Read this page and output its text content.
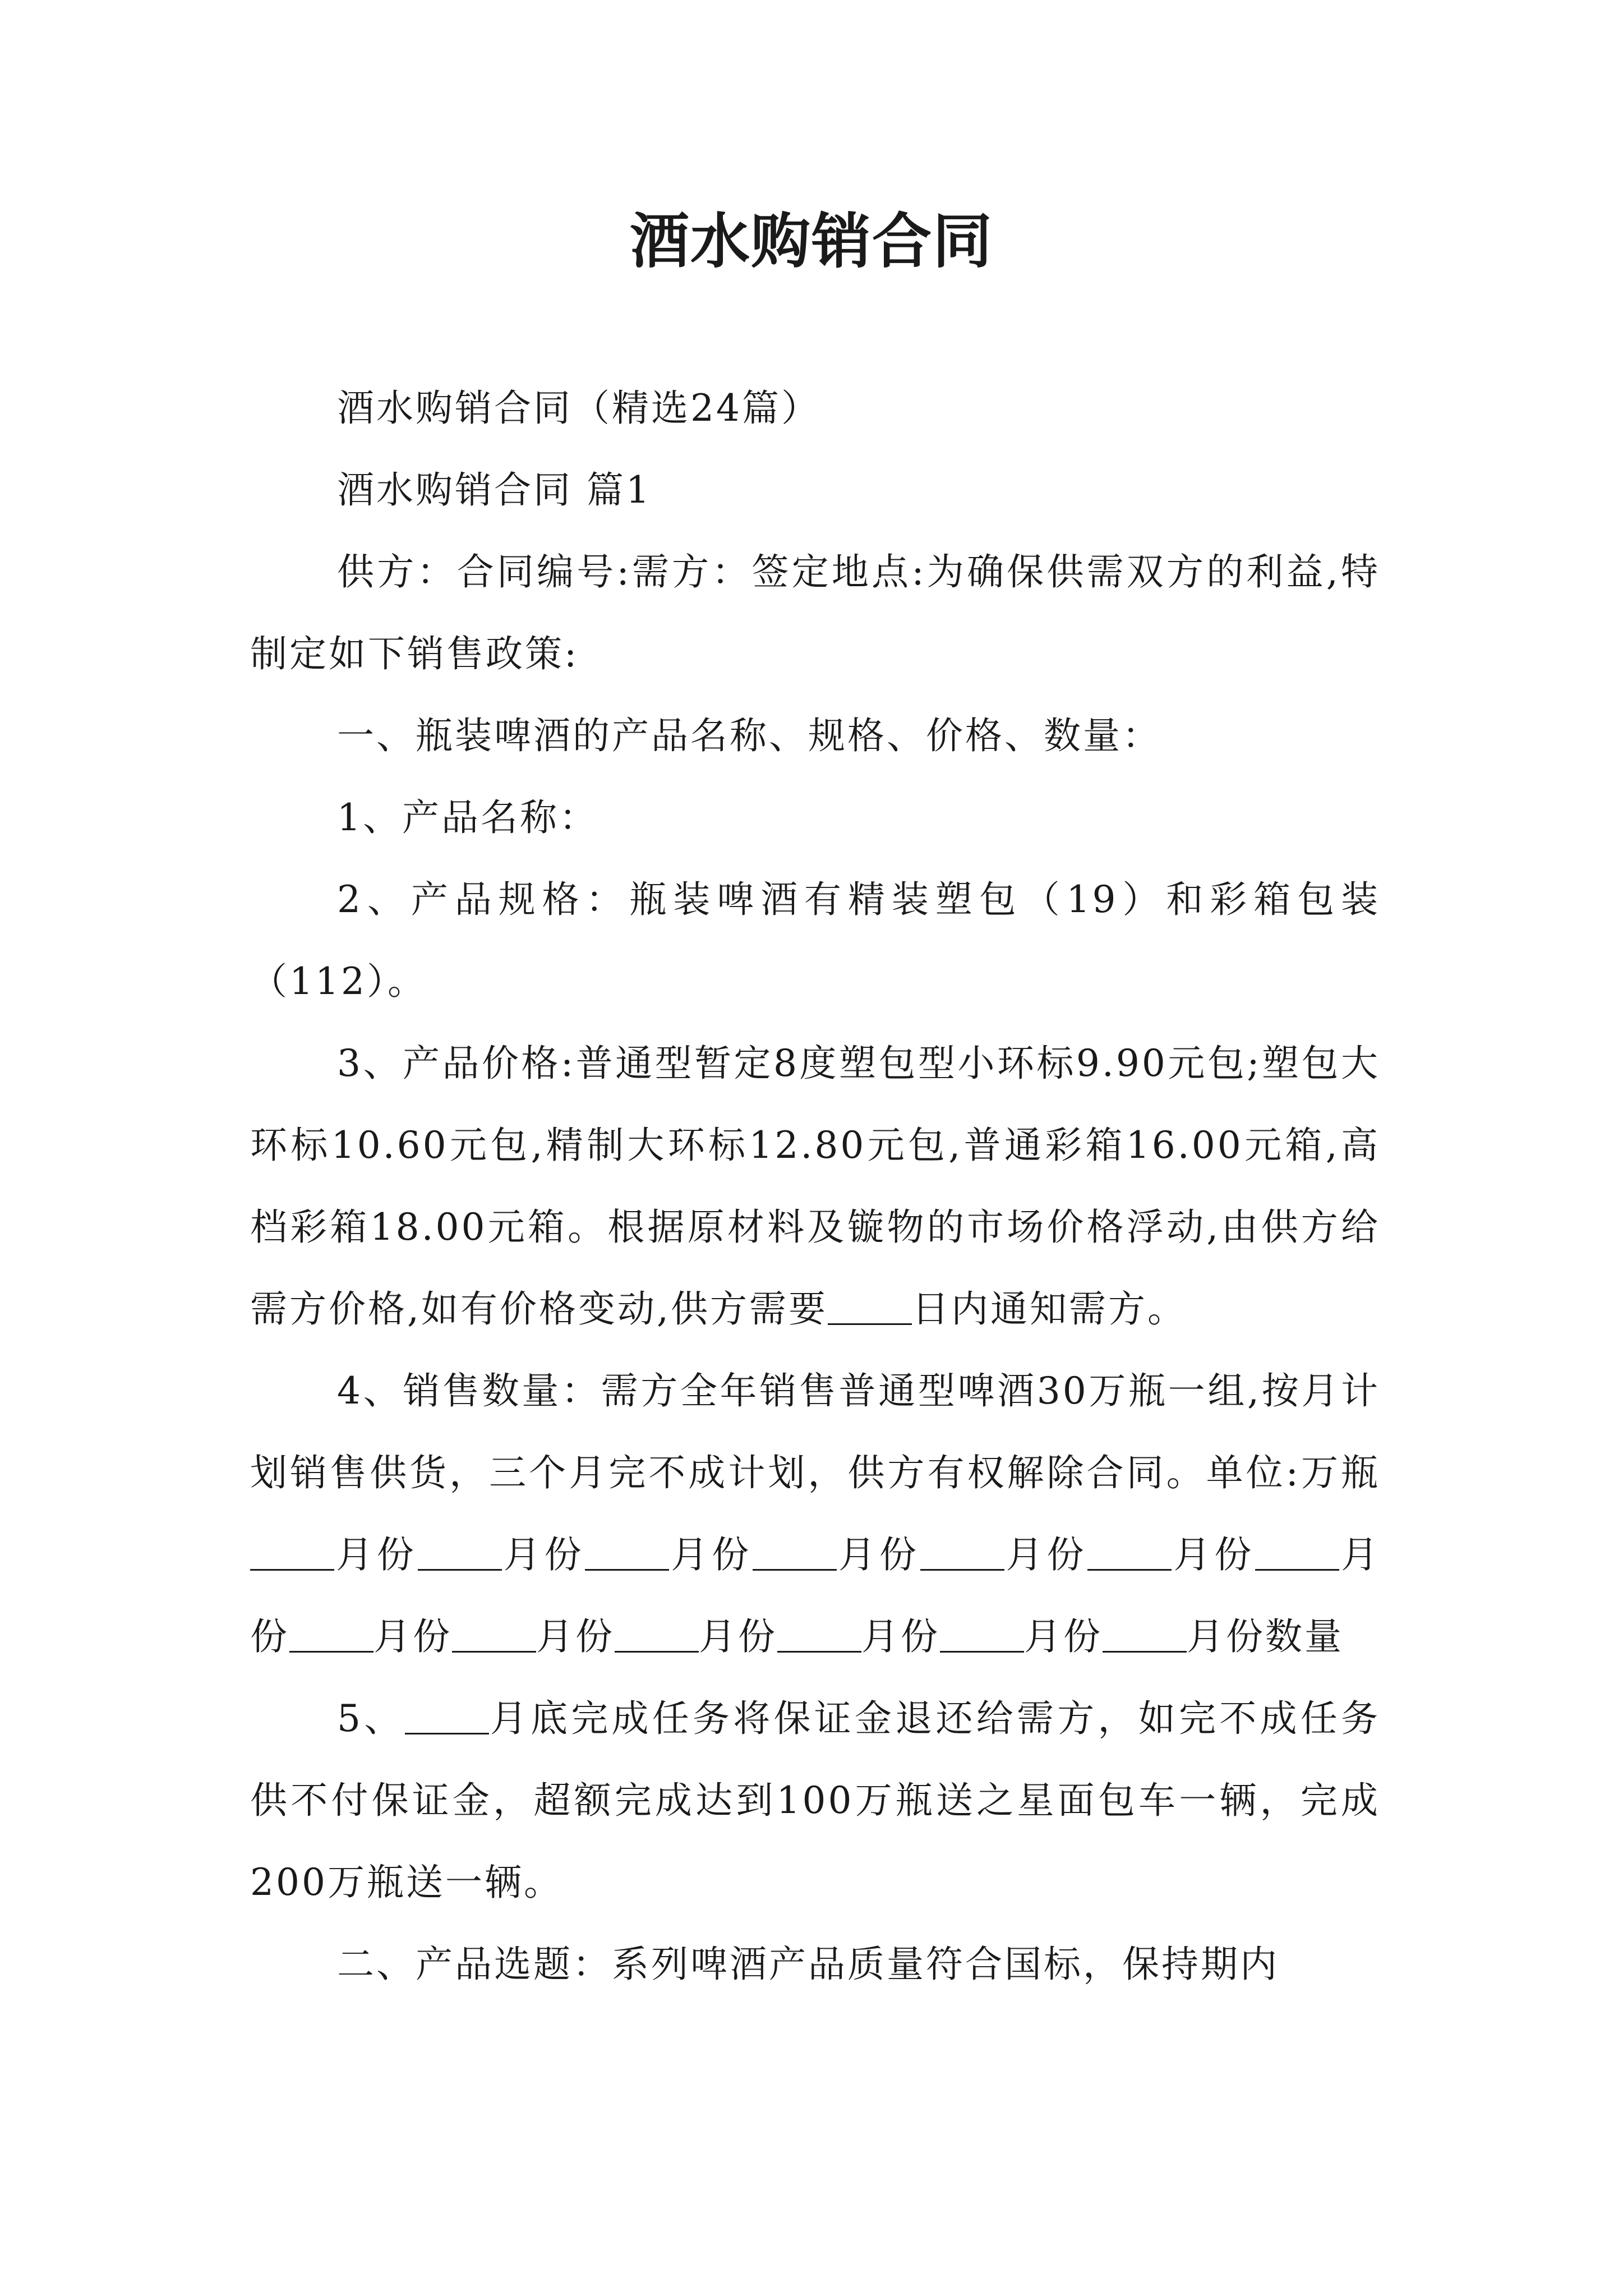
酒水购销合同

酒水购销合同（精选24篇）

酒水购销合同 篇1

供方：合同编号:需方：签定地点:为确保供需双方的利益,特制定如下销售政策:

一、瓶装啤酒的产品名称、规格、价格、数量：

1、产品名称：

2、产品规格：瓶装啤酒有精装塑包（19）和彩箱包装（112）。

3、产品价格:普通型暂定8度塑包型小环标9.90元包;塑包大环标10.60元包,精制大环标12.80元包,普通彩箱16.00元箱,高档彩箱18.00元箱。根据原材料及镟物的市场价格浮动,由供方给需方价格,如有价格变动,供方需要 日内通知需方。

4、销售数量：需方全年销售普通型啤酒30万瓶一组,按月计划销售供货，三个月完不成计划，供方有权解除合同。单位:万瓶月份 月份 月份 月份 月份 月份 月份 月份 月份 月份 月份 月份 月份数量

5、 月底完成任务将保证金退还给需方，如完不成任务供不付保证金，超额完成达到100万瓶送之星面包车一辆，完成200万瓶送一辆。

二、产品选题：系列啤酒产品质量符合国标，保持期内
